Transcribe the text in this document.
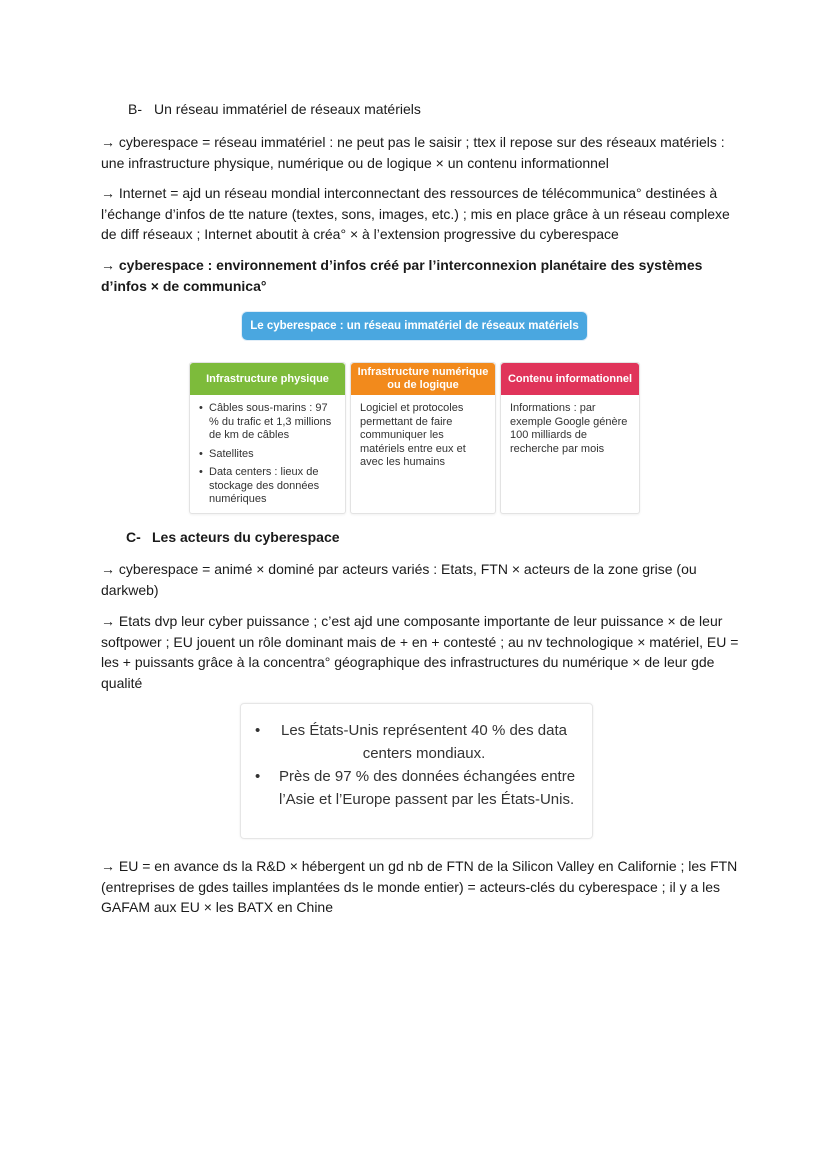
B- Un réseau immatériel de réseaux matériels

→ cyberespace = réseau immatériel : ne peut pas le saisir ; ttex il repose sur des réseaux matériels : une infrastructure physique, numérique ou de logique × un contenu informationnel

→ Internet = ajd un réseau mondial interconnectant des ressources de télécommunica° destinées à l’échange d’infos de tte nature (textes, sons, images, etc.) ; mis en place grâce à un réseau complexe de diff réseaux ; Internet aboutit à créa° × à l’extension progressive du cyberespace

→ cyberespace : environnement d’infos créé par l’interconnexion planétaire des systèmes d’infos × de communica°

Le cyberespace : un réseau immatériel de réseaux matériels
Infrastructure physique
• Câbles sous-marins : 97 % du trafic et 1,3 millions de km de câbles
• Satellites
• Data centers : lieux de stockage des données numériques
Infrastructure numérique ou de logique
Logiciel et protocoles permettant de faire communiquer les matériels entre eux et avec les humains
Contenu informationnel
Informations : par exemple Google génère 100 milliards de recherche par mois
C- Les acteurs du cyberespace

→ cyberespace = animé × dominé par acteurs variés : Etats, FTN × acteurs de la zone grise (ou darkweb)

→ Etats dvp leur cyber puissance ; c’est ajd une composante importante de leur puissance × de leur softpower ; EU jouent un rôle dominant mais de + en + contesté ; au nv technologique × matériel, EU = les + puissants grâce à la concentra° géographique des infrastructures du numérique × de leur gde qualité

• Les États-Unis représentent 40 % des data centers mondiaux.
• Près de 97 % des données échangées entre l’Asie et l’Europe passent par les États-Unis.

→ EU = en avance ds la R&D × hébergent un gd nb de FTN de la Silicon Valley en Californie ; les FTN (entreprises de gdes tailles implantées ds le monde entier) = acteurs-clés du cyberespace ; il y a les GAFAM aux EU × les BATX en Chine
